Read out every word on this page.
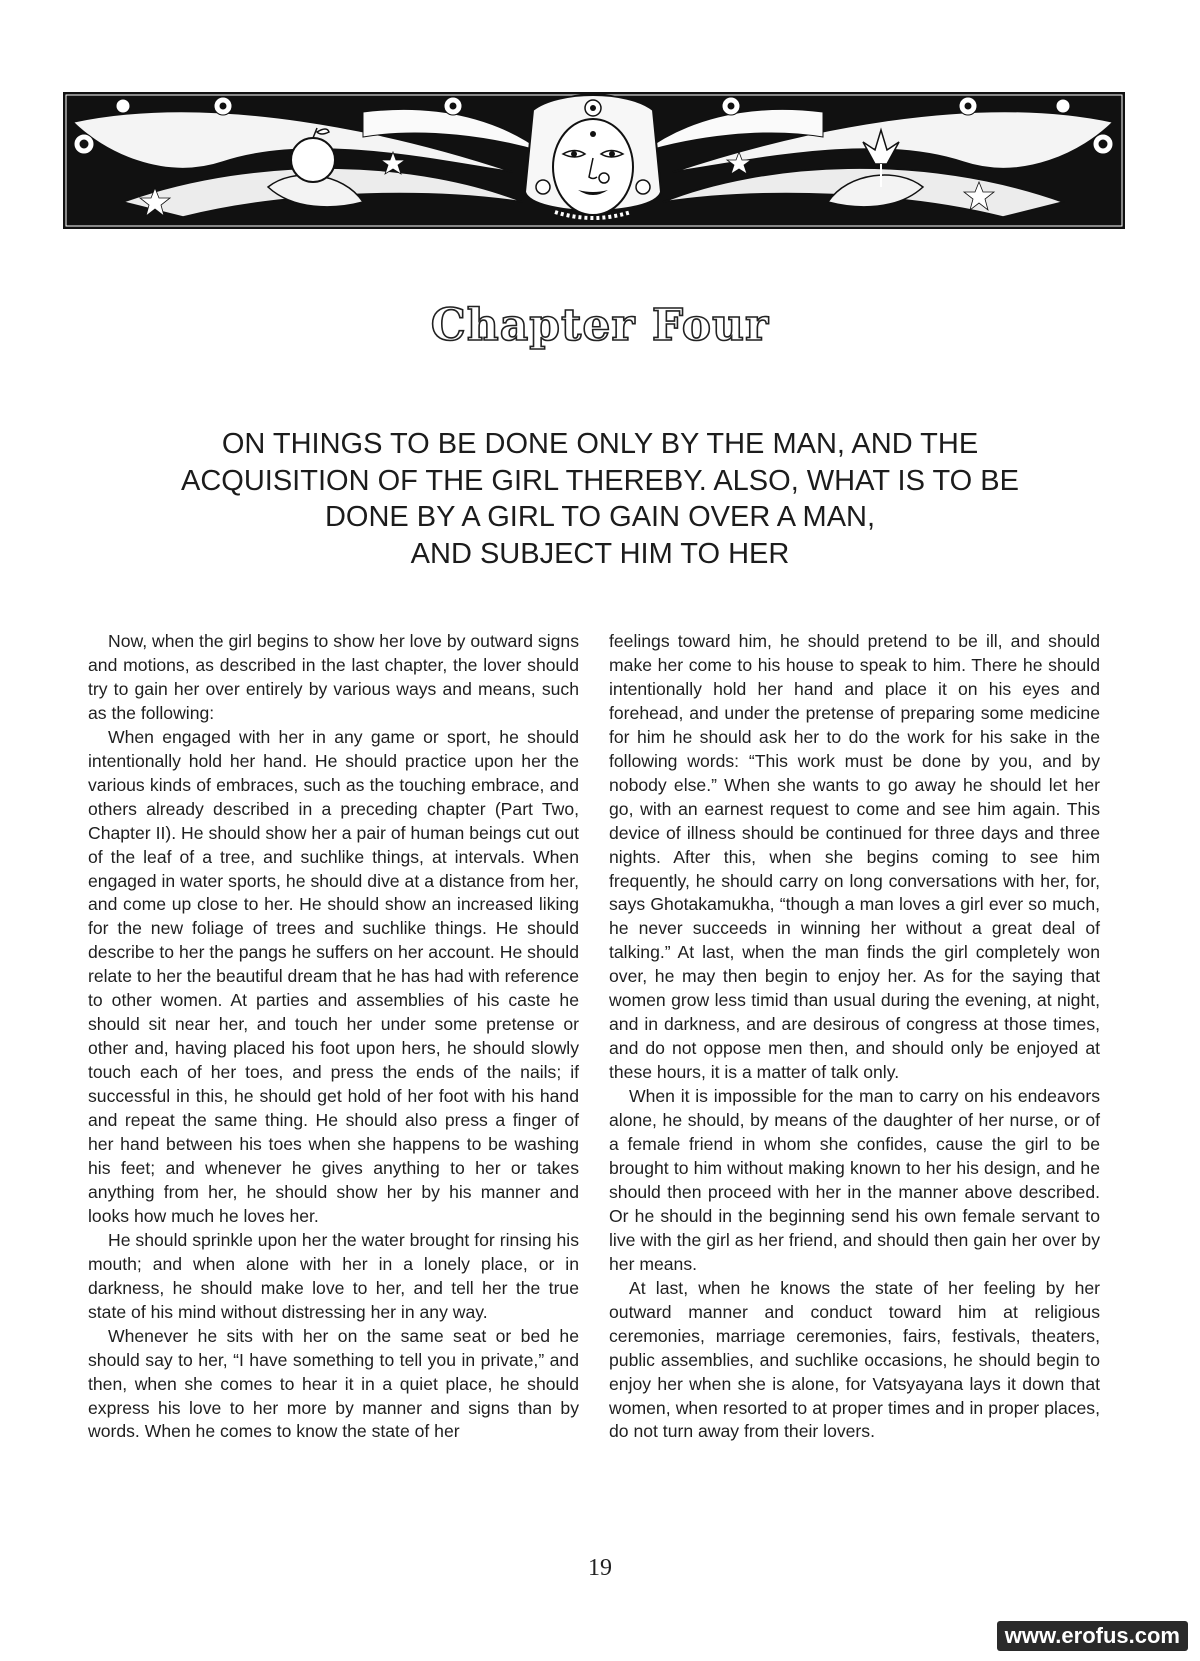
Chapter Four
ON THINGS TO BE DONE ONLY BY THE MAN, AND THE
ACQUISITION OF THE GIRL THEREBY. ALSO, WHAT IS TO BE
DONE BY A GIRL TO GAIN OVER A MAN,
AND SUBJECT HIM TO HER

Now, when the girl begins to show her love by outward signs and motions, as described in the last chapter, the lover should try to gain her over entirely by various ways and means, such as the following:

When engaged with her in any game or sport, he should intentionally hold her hand. He should practice upon her the various kinds of embraces, such as the touching embrace, and others already described in a preceding chapter (Part Two, Chapter II). He should show her a pair of human beings cut out of the leaf of a tree, and suchlike things, at intervals. When engaged in water sports, he should dive at a distance from her, and come up close to her. He should show an increased liking for the new foliage of trees and suchlike things. He should describe to her the pangs he suffers on her account. He should relate to her the beautiful dream that he has had with reference to other women. At parties and assemblies of his caste he should sit near her, and touch her under some pretense or other and, having placed his foot upon hers, he should slowly touch each of her toes, and press the ends of the nails; if successful in this, he should get hold of her foot with his hand and repeat the same thing. He should also press a finger of her hand between his toes when she happens to be washing his feet; and whenever he gives anything to her or takes anything from her, he should show her by his manner and looks how much he loves her.

He should sprinkle upon her the water brought for rinsing his mouth; and when alone with her in a lonely place, or in darkness, he should make love to her, and tell her the true state of his mind without distressing her in any way.

Whenever he sits with her on the same seat or bed he should say to her, “I have something to tell you in private,” and then, when she comes to hear it in a quiet place, he should express his love to her more by manner and signs than by words. When he comes to know the state of her

feelings toward him, he should pretend to be ill, and should make her come to his house to speak to him. There he should intentionally hold her hand and place it on his eyes and forehead, and under the pretense of preparing some medicine for him he should ask her to do the work for his sake in the following words: “This work must be done by you, and by nobody else.” When she wants to go away he should let her go, with an earnest request to come and see him again. This device of illness should be continued for three days and three nights. After this, when she begins coming to see him frequently, he should carry on long conversations with her, for, says Ghotakamukha, “though a man loves a girl ever so much, he never succeeds in winning her without a great deal of talking.” At last, when the man finds the girl completely won over, he may then begin to enjoy her. As for the saying that women grow less timid than usual during the evening, at night, and in darkness, and are desirous of congress at those times, and do not oppose men then, and should only be enjoyed at these hours, it is a matter of talk only.

When it is impossible for the man to carry on his endeavors alone, he should, by means of the daughter of her nurse, or of a female friend in whom she confides, cause the girl to be brought to him without making known to her his design, and he should then proceed with her in the manner above described. Or he should in the beginning send his own female servant to live with the girl as her friend, and should then gain her over by her means.

At last, when he knows the state of her feeling by her outward manner and conduct toward him at religious ceremonies, marriage ceremonies, fairs, festivals, theaters, public assemblies, and suchlike occasions, he should begin to enjoy her when she is alone, for Vatsyayana lays it down that women, when resorted to at proper times and in proper places, do not turn away from their lovers.

19
www.erofus.com
